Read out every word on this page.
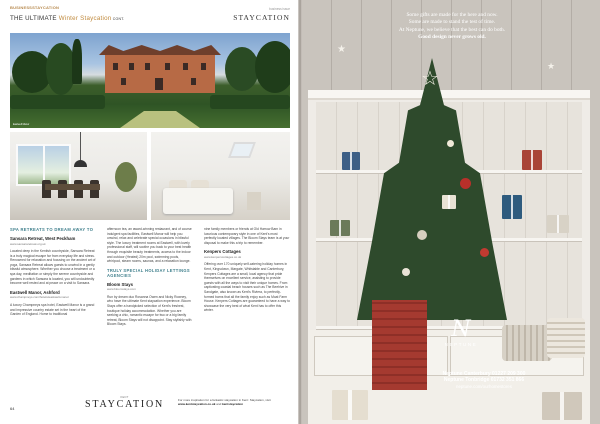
BUSINESSSTAYCATION
THE ULTIMATE Winter Staycation CONT.
business issue
STAYCATION
Eastwell Manor
SPA RETREATS TO DREAM AWAY TO
Sansara Retreat, West Peckham
www.sansararetreat.org.uk

Located deep in the Kentish countryside, Sansara Retreat is a truly magical escape far from everyday life and stress. Renowned for relaxation and focusing on the ancient art of yoga, Sansara Retreat allows guests to unwind in a gently blissful atmosphere. Whether you choose a treatment or a spa day, meditation or simply the serene countryside and gardens in which Sansara is located, you will undoubtedly become well rested and at peace on a visit to Sansara.

Eastwell Manor, Ashford
www.champneys.com/hotels/eastwell-manor

A luxury Champneys spa hotel, Eastwell Manor is a grand and impressive country estate set in the heart of the Garden of England. Home to traditional

afternoon tea, an award-winning restaurant, and of course indulgent spa facilities, Eastwell Manor will help you unwind, relax and celebrate special occasions in blissful style. The luxury treatment rooms at Eastwell, with lovely professional staff, will soothe you back to your best health through exquisite beauty treatments, access to the indoor and outdoor (Heated) 20m pool, swimming pools, whirlpool, steam rooms, saunas, and a relaxation lounge.

TRULY SPECIAL HOLIDAY LETTINGS AGENCIES
Bloom Stays
www.bloomstays.com

Run by dream duo Rosanna Owen and Nicky Rowney, who have the ultimate Kent staycation experience. Bloom Stays offer a handpicked selection of Kent's freshest, boutique holiday accommodation. Whether you are seeking a chic, romantic escape for two or a big family retreat, Bloom Stays will not disappoint. Stay stylishly with Bloom Stays.

nine family members or friends at Old Harrow Barn in luxurious contemporary style in one of Kent's most perfectly located villages. The Bloom Stays team is at your disposal to make this a trip to remember.

Kenpers Cottages
www.kenperscottages.co.uk

Offering over 170 uniquely self-catering holiday homes in Kent, Kingsdown, Margate, Whitstable and Canterbury, Kenpers Cottages are a small, local agency that pride themselves on excellent service, assisting to provide guests with all the ways to visit their unique homes. From captivating coastal beach houses such as The Beehive in Sandgate, also known as Kent's Riviera, to perfectly-formed barns that all the family enjoy such as Moat Farm House. Kenpers Cottages are guaranteed to have a way to showcase the very best of what Kent has to offer this winter.

64
KENT
STAYCATION	For more inspiration for a fantastic staycation in Kent: Staycation, visit www.kentstaycation.co.uk and kentstaycation
Some gifts are made for the here and now.
Some are made to stand the test of time.
At Neptune, we believe that the best can do both.
Good design never grows old.
★
★
☆
N
NEPTUNE
Neptune Canterbury 01227 209 300
Neptune Tonbridge 01732 351 866
neptune.com/ourhomestores
